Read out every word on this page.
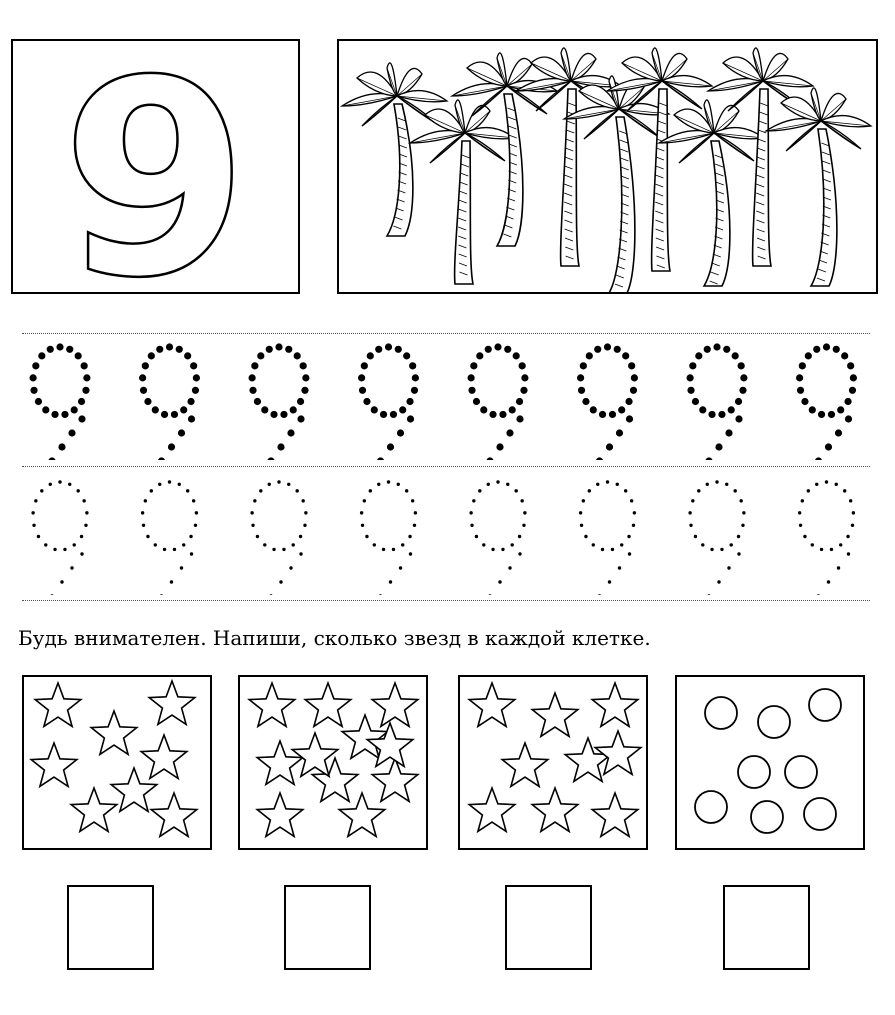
9
Будь внимателен. Напиши, сколько звезд в каждой клетке.
